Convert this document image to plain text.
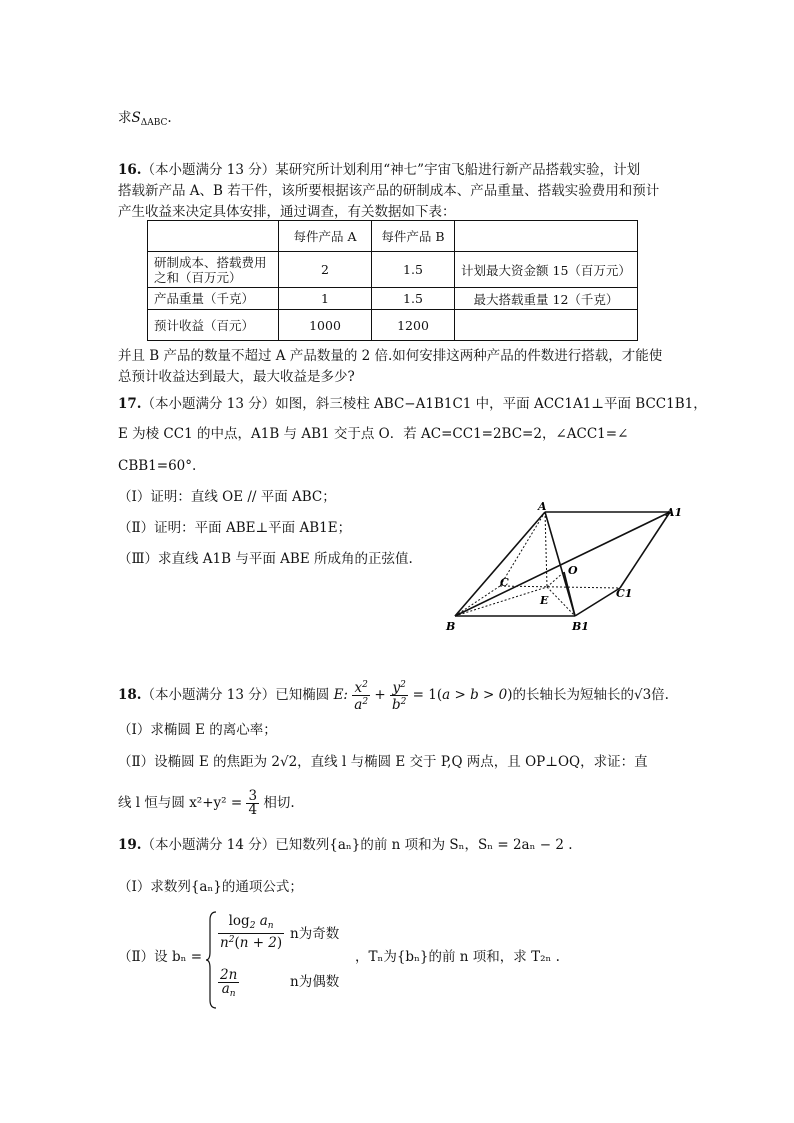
求$S_{\Delta ABC}$.
16.（本小题满分 13 分）某研究所计划利用“神七”宇宙飞船进行新产品搭载实验，计划
搭载新产品 A、B 若干件，该所要根据该产品的研制成本、产品重量、搭载实验费用和预计
产生收益来决定具体安排，通过调查，有关数据如下表：
	每件产品 A	每件产品 B	
研制成本、搭载费用之和（百万元）	2	1.5	计划最大资金额 15（百万元）
产品重量（千克）	1	1.5	最大搭载重量 12（千克）
预计收益（百元）	1000	1200	
并且 B 产品的数量不超过 A 产品数量的 2 倍.如何安排这两种产品的件数进行搭载，才能使
总预计收益达到最大，最大收益是多少?
17.（本小题满分 13 分）如图，斜三棱柱 ABC−A1B1C1 中，平面 ACC1A1⊥平面 BCC1B1，
E 为棱 CC1 的中点，A1B 与 AB1 交于点 O．若 AC=CC1=2BC=2，∠ACC1=∠
CBB1=60°.
（Ⅰ）证明：直线 OE // 平面 ABC；
（Ⅱ）证明：平面 ABE⊥平面 AB1E；
（Ⅲ）求直线 A1B 与平面 ABE 所成角的正弦值.
A	A1
O
C
C1
E
B	B1
18.（本小题满分 13 分）已知椭圆 E: $\frac{x^2}{a^2} + \frac{y^2}{b^2} = 1(a > b > 0)$的长轴长为短轴长的√3倍.
（Ⅰ）求椭圆 E 的离心率；
（Ⅱ）设椭圆 E 的焦距为 2√2，直线 l 与椭圆 E 交于 P,Q 两点，且 OP⊥OQ，求证：直
线 l 恒与圆 $x^2+y^2 = \frac{3}{4}$ 相切.
19.（本小题满分 14 分）已知数列{aₙ}的前 n 项和为 Sₙ，Sₙ = 2aₙ − 2 .
（Ⅰ）求数列{aₙ}的通项公式；
（Ⅱ）设 bₙ =
$\frac{\log_2 a_n}{n^2(n + 2)}$ n为奇数
$\frac{2n}{a_n}$	n为偶数
，Tₙ为{bₙ}的前 n 项和，求 T₂ₙ .
